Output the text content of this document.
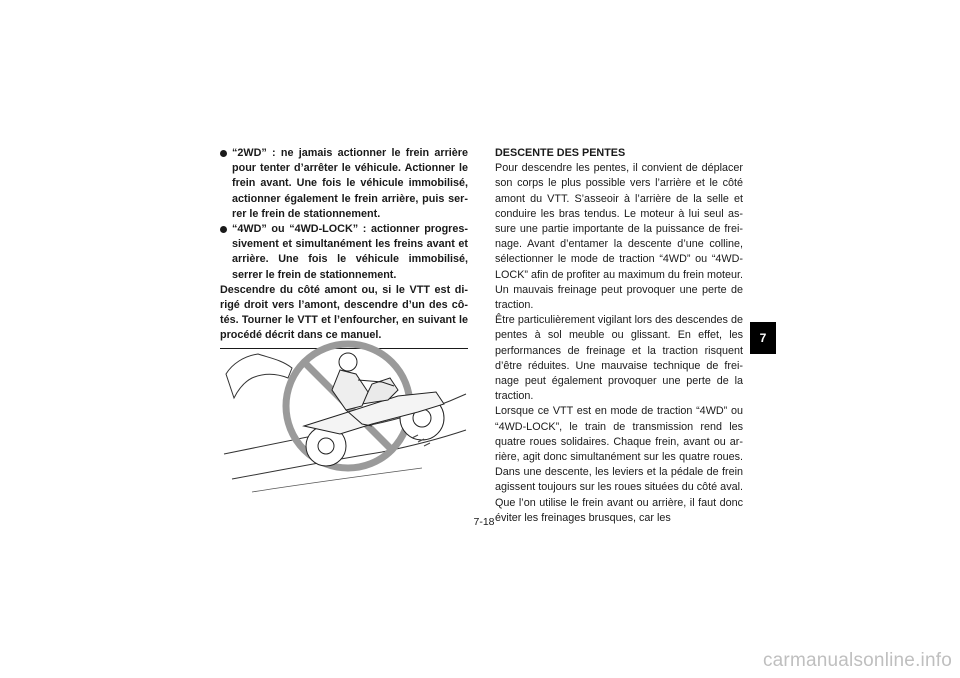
“2WD” : ne jamais actionner le frein arrière pour tenter d’arrêter le véhicule. Actionner le frein avant. Une fois le véhicule immobilisé, actionner également le frein arrière, puis serrer le frein de stationnement.
“4WD” ou “4WD-LOCK” : actionner progressivement et simultanément les freins avant et arrière. Une fois le véhicule immobilisé, serrer le frein de stationnement.

Descendre du côté amont ou, si le VTT est dirigé droit vers l’amont, descendre d’un des côtés. Tourner le VTT et l’enfourcher, en suivant le procédé décrit dans ce manuel.

DESCENTE DES PENTES

Pour descendre les pentes, il convient de déplacer son corps le plus possible vers l’arrière et le côté amont du VTT. S’asseoir à l’arrière de la selle et conduire les bras tendus. Le moteur à lui seul assure une partie importante de la puissance de freinage. Avant d’entamer la descente d’une colline, sélectionner le mode de traction “4WD” ou “4WD-LOCK” afin de profiter au maximum du frein moteur. Un mauvais freinage peut provoquer une perte de traction.

Être particulièrement vigilant lors des descendes de pentes à sol meuble ou glissant. En effet, les performances de freinage et la traction risquent d’être réduites. Une mauvaise technique de freinage peut également provoquer une perte de la traction.

Lorsque ce VTT est en mode de traction “4WD” ou “4WD-LOCK”, le train de transmission rend les quatre roues solidaires. Chaque frein, avant ou arrière, agit donc simultanément sur les quatre roues. Dans une descente, les leviers et la pédale de frein agissent toujours sur les roues situées du côté aval. Que l’on utilise le frein avant ou arrière, il faut donc éviter les freinages brusques, car les

7
7-18
carmanualsonline.info
